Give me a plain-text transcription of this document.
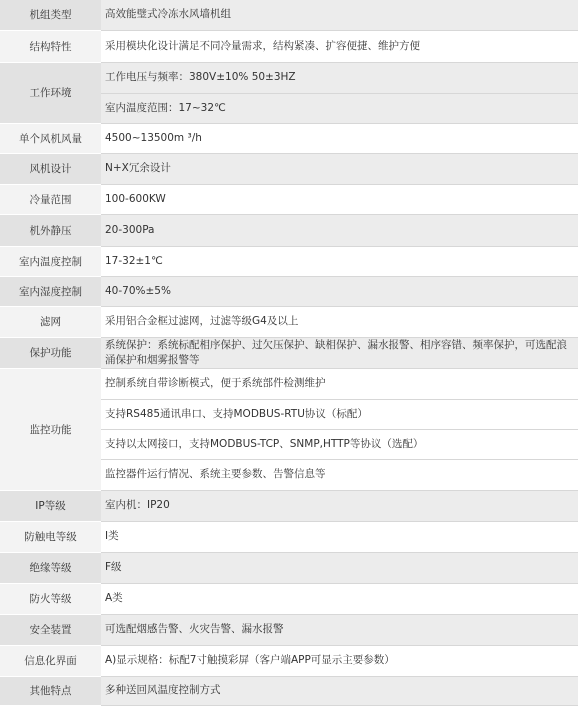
机组类型	高效能璧式冷冻水风墙机组

结构特性	采用模块化设计满足不同冷量需求，结构紧凑、扩容便捷、维护方便

工作环境	工作电压与频率：380V±10% 50±3HZ
室内温度范围：17~32℃

单个风机风量	4500~13500m ³/h

风机设计	N+X冗余设计

冷量范围	100-600KW

机外静压	20-300Pa

室内温度控制	17-32±1℃

室内湿度控制	40-70%±5%

滤网	采用铝合金框过滤网，过滤等级G4及以上

保护功能	系统保护：系统标配相序保护、过欠压保护、缺相保护、漏水报警、相序容错、频率保护，可选配浪涌保护和烟雾报警等

监控功能	控制系统自带诊断模式，便于系统部件检测维护
支持RS485通讯串口、支持MODBUS-RTU协议（标配）
支持以太网接口，支持MODBUS-TCP、SNMP,HTTP等协议（选配）
监控器件运行情况、系统主要参数、告警信息等

IP等级	室内机：IP20

防触电等级	I类

绝缘等级	F级

防火等级	A类

安全装置	可选配烟感告警、火灾告警、漏水报警

信息化界面	A)显示规格：标配7寸触摸彩屏（客户端APP可显示主要参数）

其他特点	多种送回风温度控制方式
